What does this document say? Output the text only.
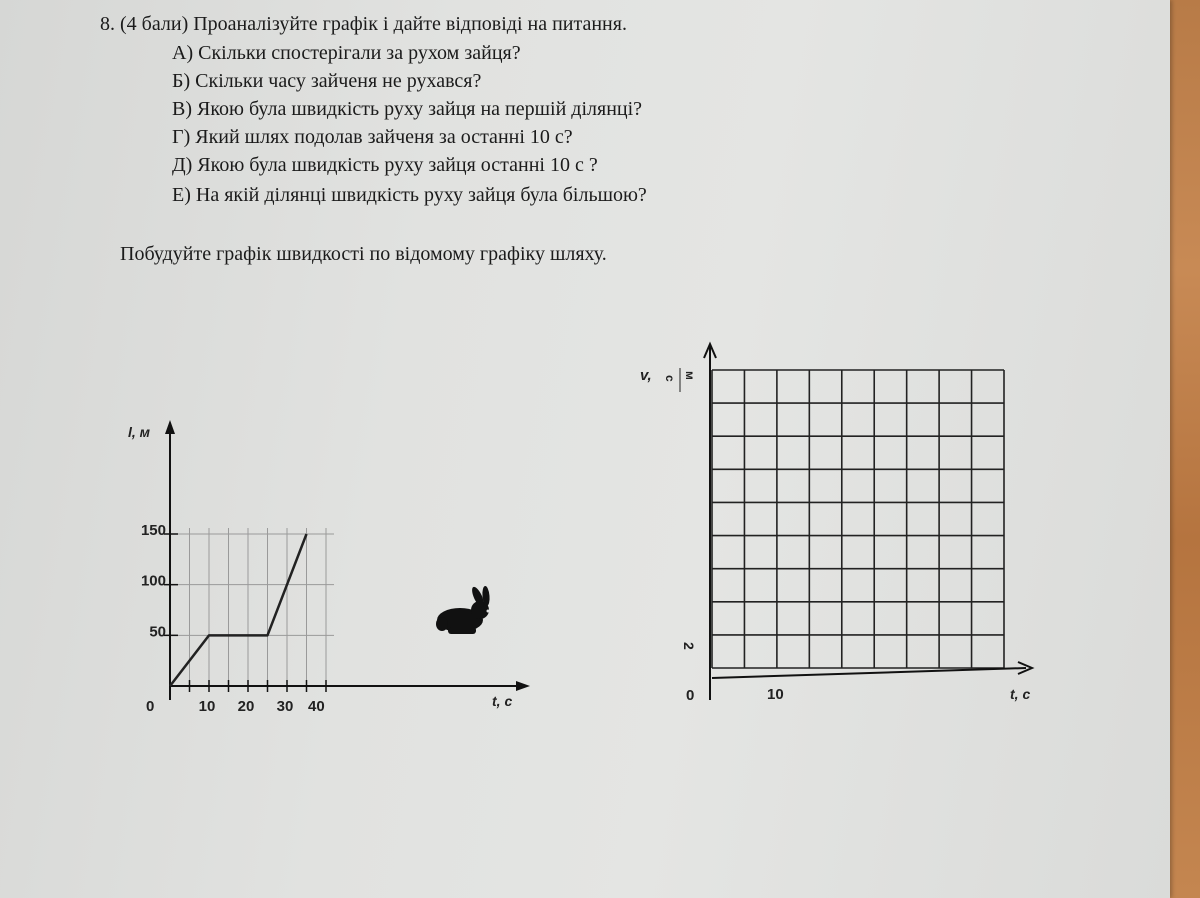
8. (4 бали) Проаналізуйте графік і дайте відповіді на питання.
А) Скільки спостерігали за рухом зайця?
Б) Скільки часу зайченя не рухався?
В) Якою була швидкість руху зайця на першій ділянці?
Г) Який шлях подолав зайченя за останні 10 с?
Д) Якою була швидкість руху зайця останні 10 с ?
Е) На якій ділянці швидкість руху зайця була більшою?
Побудуйте графік швидкості по відомому графіку шляху.
50
100
150
10 20 30 40
l, м
t, c
0
v,	м
c
2
0	10	t, c
